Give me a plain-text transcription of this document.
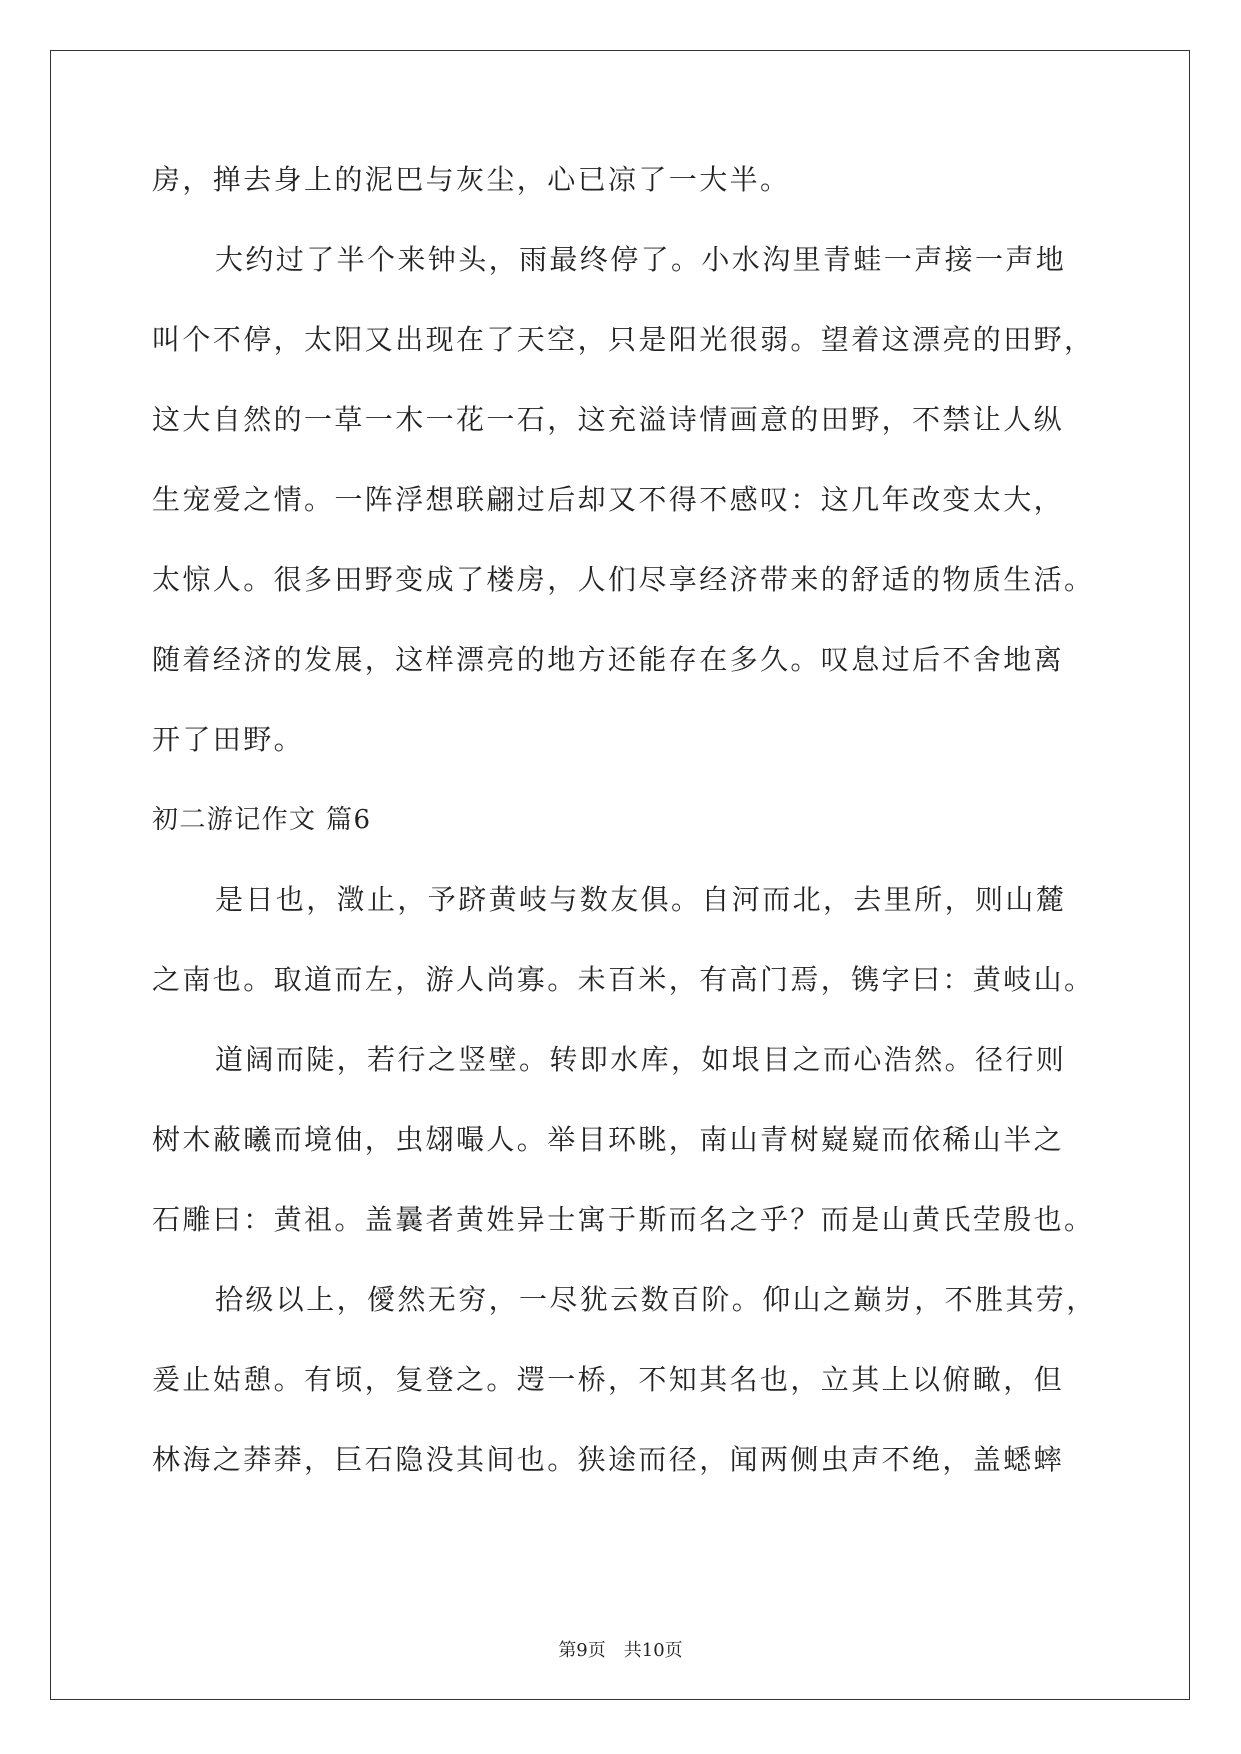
房，掸去身上的泥巴与灰尘，心已凉了一大半。
大约过了半个来钟头，雨最终停了。小水沟里青蛙一声接一声地
叫个不停，太阳又出现在了天空，只是阳光很弱。望着这漂亮的田野，
这大自然的一草一木一花一石，这充溢诗情画意的田野，不禁让人纵
生宠爱之情。一阵浮想联翩过后却又不得不感叹：这几年改变太大，
太惊人。很多田野变成了楼房，人们尽享经济带来的舒适的物质生活。
随着经济的发展，这样漂亮的地方还能存在多久。叹息过后不舍地离
开了田野。
初二游记作文 篇6
是日也，澂止，予跻黄岐与数友俱。自河而北，去里所，则山麓
之南也。取道而左，游人尚寡。未百米，有高门焉，镌字曰：黄岐山。
道阔而陡，若行之竖壁。转即水库，如垠目之而心浩然。径行则
树木蔽曦而境伷，虫翃嘬人。举目环眺，南山青树嶷嶷而依稀山半之
石雕曰：黄祖。盖曩者黄姓异士寓于斯而名之乎？而是山黄氏茔殷也。
拾级以上，僾然无穷，一尽犹云数百阶。仰山之巅岃，不胜其劳，
爰止姑憩。有顷，复登之。遌一桥，不知其名也，立其上以俯瞰，但
林海之莽莽，巨石隐没其间也。狭途而径，闻两侧虫声不绝，盖蟋蟀
第9页　共10页
